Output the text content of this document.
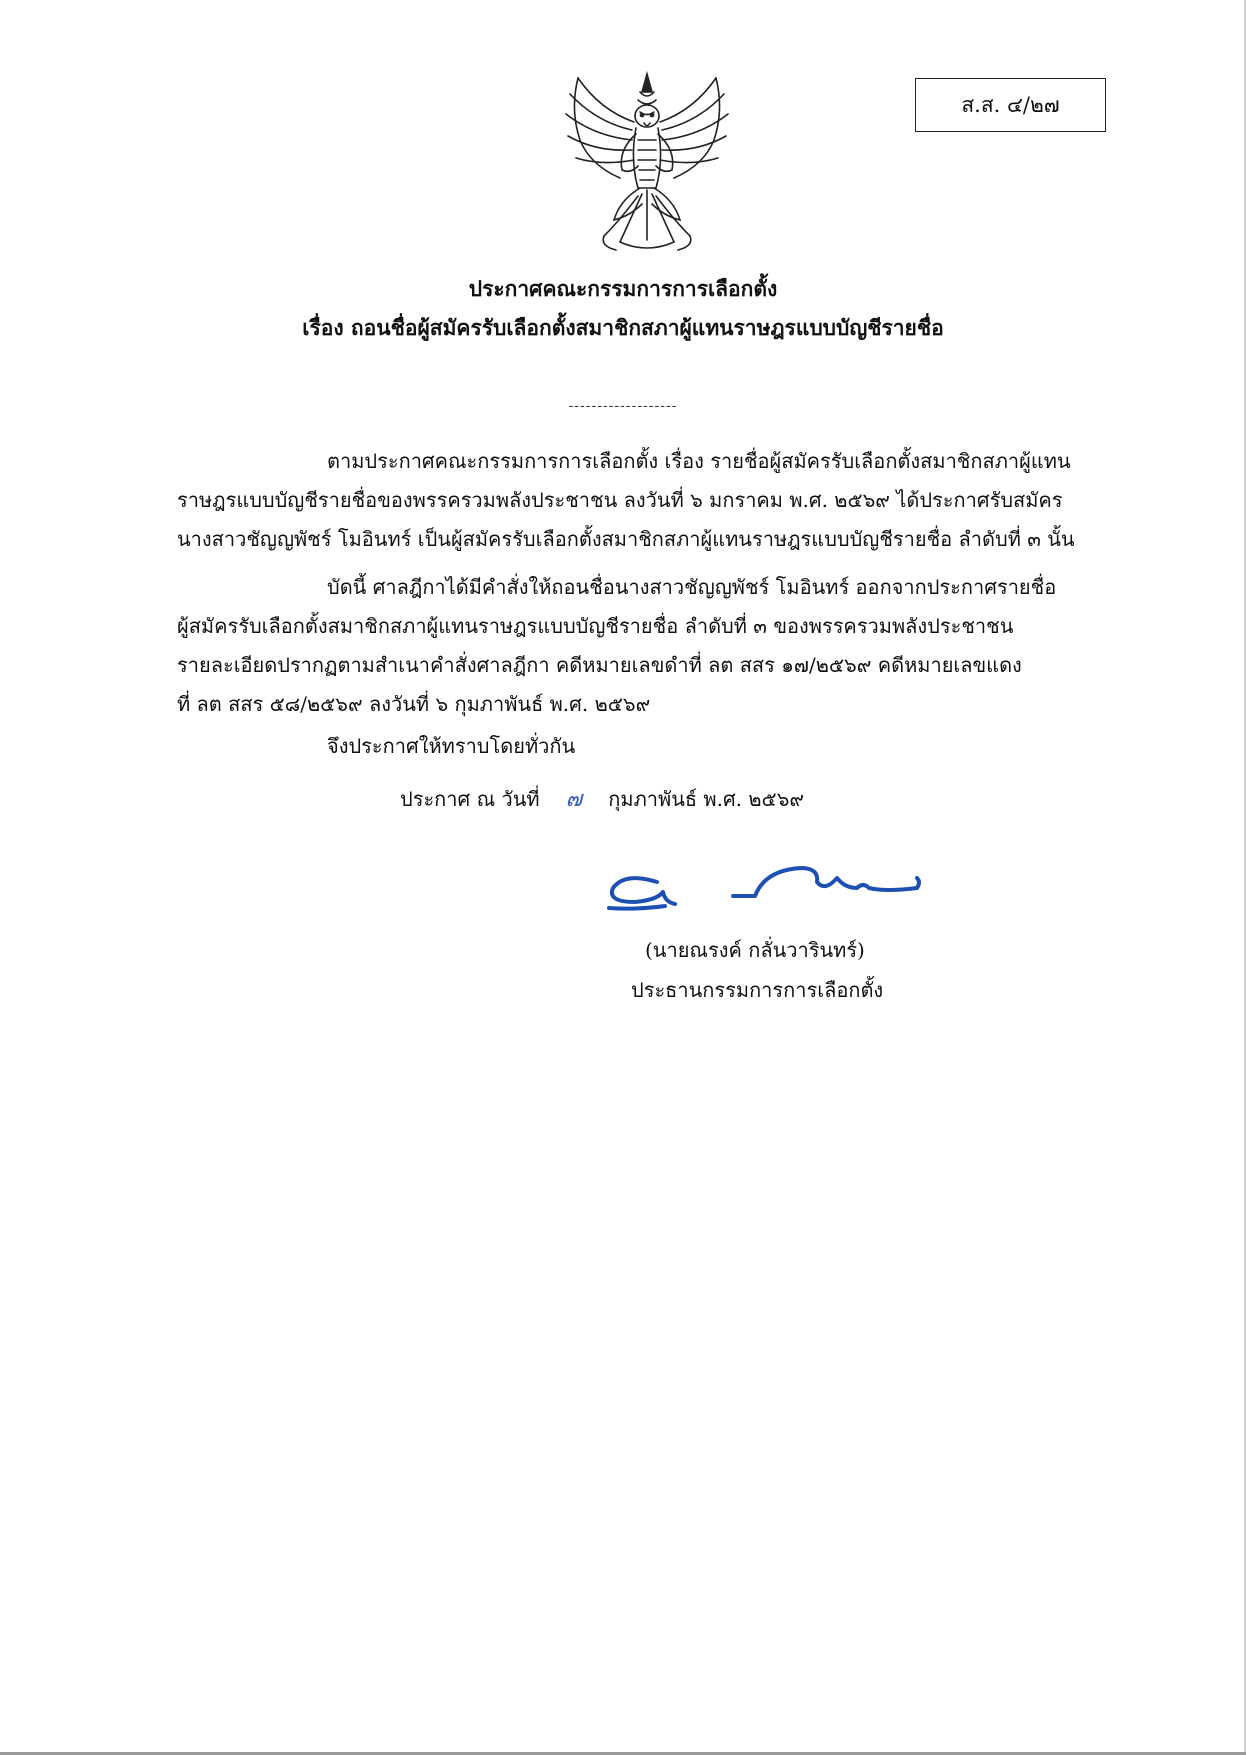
ส.ส. ๔/๒๗
ประกาศคณะกรรมการการเลือกตั้ง
เรื่อง ถอนชื่อผู้สมัครรับเลือกตั้งสมาชิกสภาผู้แทนราษฎรแบบบัญชีรายชื่อ
-------------------
ตามประกาศคณะกรรมการการเลือกตั้ง เรื่อง รายชื่อผู้สมัครรับเลือกตั้งสมาชิกสภาผู้แทน
ราษฎรแบบบัญชีรายชื่อของพรรครวมพลังประชาชน ลงวันที่ ๖ มกราคม พ.ศ. ๒๕๖๙ ได้ประกาศรับสมัคร
นางสาวชัญญพัชร์ โมอินทร์ เป็นผู้สมัครรับเลือกตั้งสมาชิกสภาผู้แทนราษฎรแบบบัญชีรายชื่อ ลำดับที่ ๓ นั้น
บัดนี้ ศาลฎีกาได้มีคำสั่งให้ถอนชื่อนางสาวชัญญพัชร์ โมอินทร์ ออกจากประกาศรายชื่อ
ผู้สมัครรับเลือกตั้งสมาชิกสภาผู้แทนราษฎรแบบบัญชีรายชื่อ ลำดับที่ ๓ ของพรรครวมพลังประชาชน
รายละเอียดปรากฏตามสำเนาคำสั่งศาลฎีกา คดีหมายเลขดำที่ ลต สสร ๑๗/๒๕๖๙ คดีหมายเลขแดง
ที่ ลต สสร ๕๘/๒๕๖๙ ลงวันที่ ๖ กุมภาพันธ์ พ.ศ. ๒๕๖๙
จึงประกาศให้ทราบโดยทั่วกัน
ประกาศ ณ วันที่ ๗ กุมภาพันธ์ พ.ศ. ๒๕๖๙
(นายณรงค์ กลั่นวารินทร์)
ประธานกรรมการการเลือกตั้ง
